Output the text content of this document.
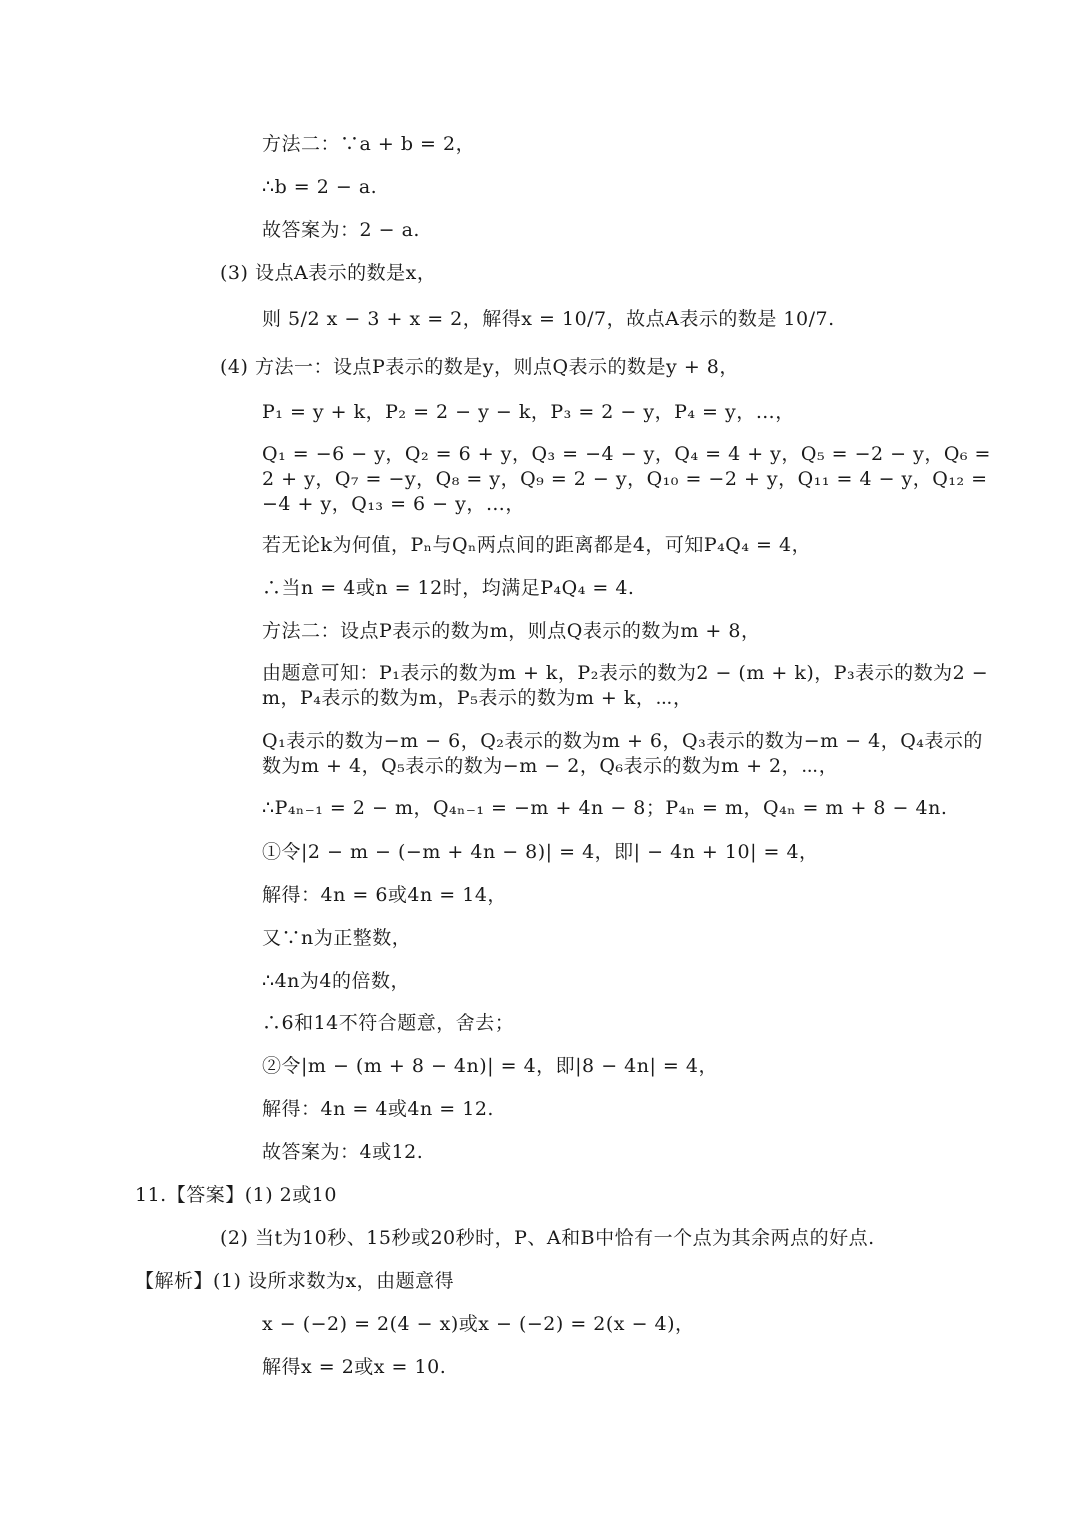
方法二：∵a + b = 2，
∴b = 2 − a.
故答案为：2 − a.
(3) 设点A表示的数是x，
则 5/2 x − 3 + x = 2，解得x = 10/7，故点A表示的数是 10/7.
(4) 方法一：设点P表示的数是y，则点Q表示的数是y + 8，
P₁ = y + k，P₂ = 2 − y − k，P₃ = 2 − y，P₄ = y，…，
Q₁ = −6 − y，Q₂ = 6 + y，Q₃ = −4 − y，Q₄ = 4 + y，Q₅ = −2 − y，Q₆ =
2 + y，Q₇ = −y，Q₈ = y，Q₉ = 2 − y，Q₁₀ = −2 + y，Q₁₁ = 4 − y，Q₁₂ =
−4 + y，Q₁₃ = 6 − y，…，
若无论k为何值，Pₙ与Qₙ两点间的距离都是4，可知P₄Q₄ = 4，
∴当n = 4或n = 12时，均满足P₄Q₄ = 4.
方法二：设点P表示的数为m，则点Q表示的数为m + 8，
由题意可知：P₁表示的数为m + k，P₂表示的数为2 − (m + k)，P₃表示的数为2 −
m，P₄表示的数为m，P₅表示的数为m + k，⋯，
Q₁表示的数为−m − 6，Q₂表示的数为m + 6，Q₃表示的数为−m − 4，Q₄表示的
数为m + 4，Q₅表示的数为−m − 2，Q₆表示的数为m + 2，⋯，
∴P₄ₙ₋₁ = 2 − m，Q₄ₙ₋₁ = −m + 4n − 8；P₄ₙ = m，Q₄ₙ = m + 8 − 4n.
①令|2 − m − (−m + 4n − 8)| = 4，即| − 4n + 10| = 4，
解得：4n = 6或4n = 14，
又∵n为正整数，
∴4n为4的倍数，
∴6和14不符合题意，舍去；
②令|m − (m + 8 − 4n)| = 4，即|8 − 4n| = 4，
解得：4n = 4或4n = 12.
故答案为：4或12.
11.【答案】(1) 2或10
(2) 当t为10秒、15秒或20秒时，P、A和B中恰有一个点为其余两点的好点.
【解析】(1) 设所求数为x，由题意得
x − (−2) = 2(4 − x)或x − (−2) = 2(x − 4)，
解得x = 2或x = 10.
